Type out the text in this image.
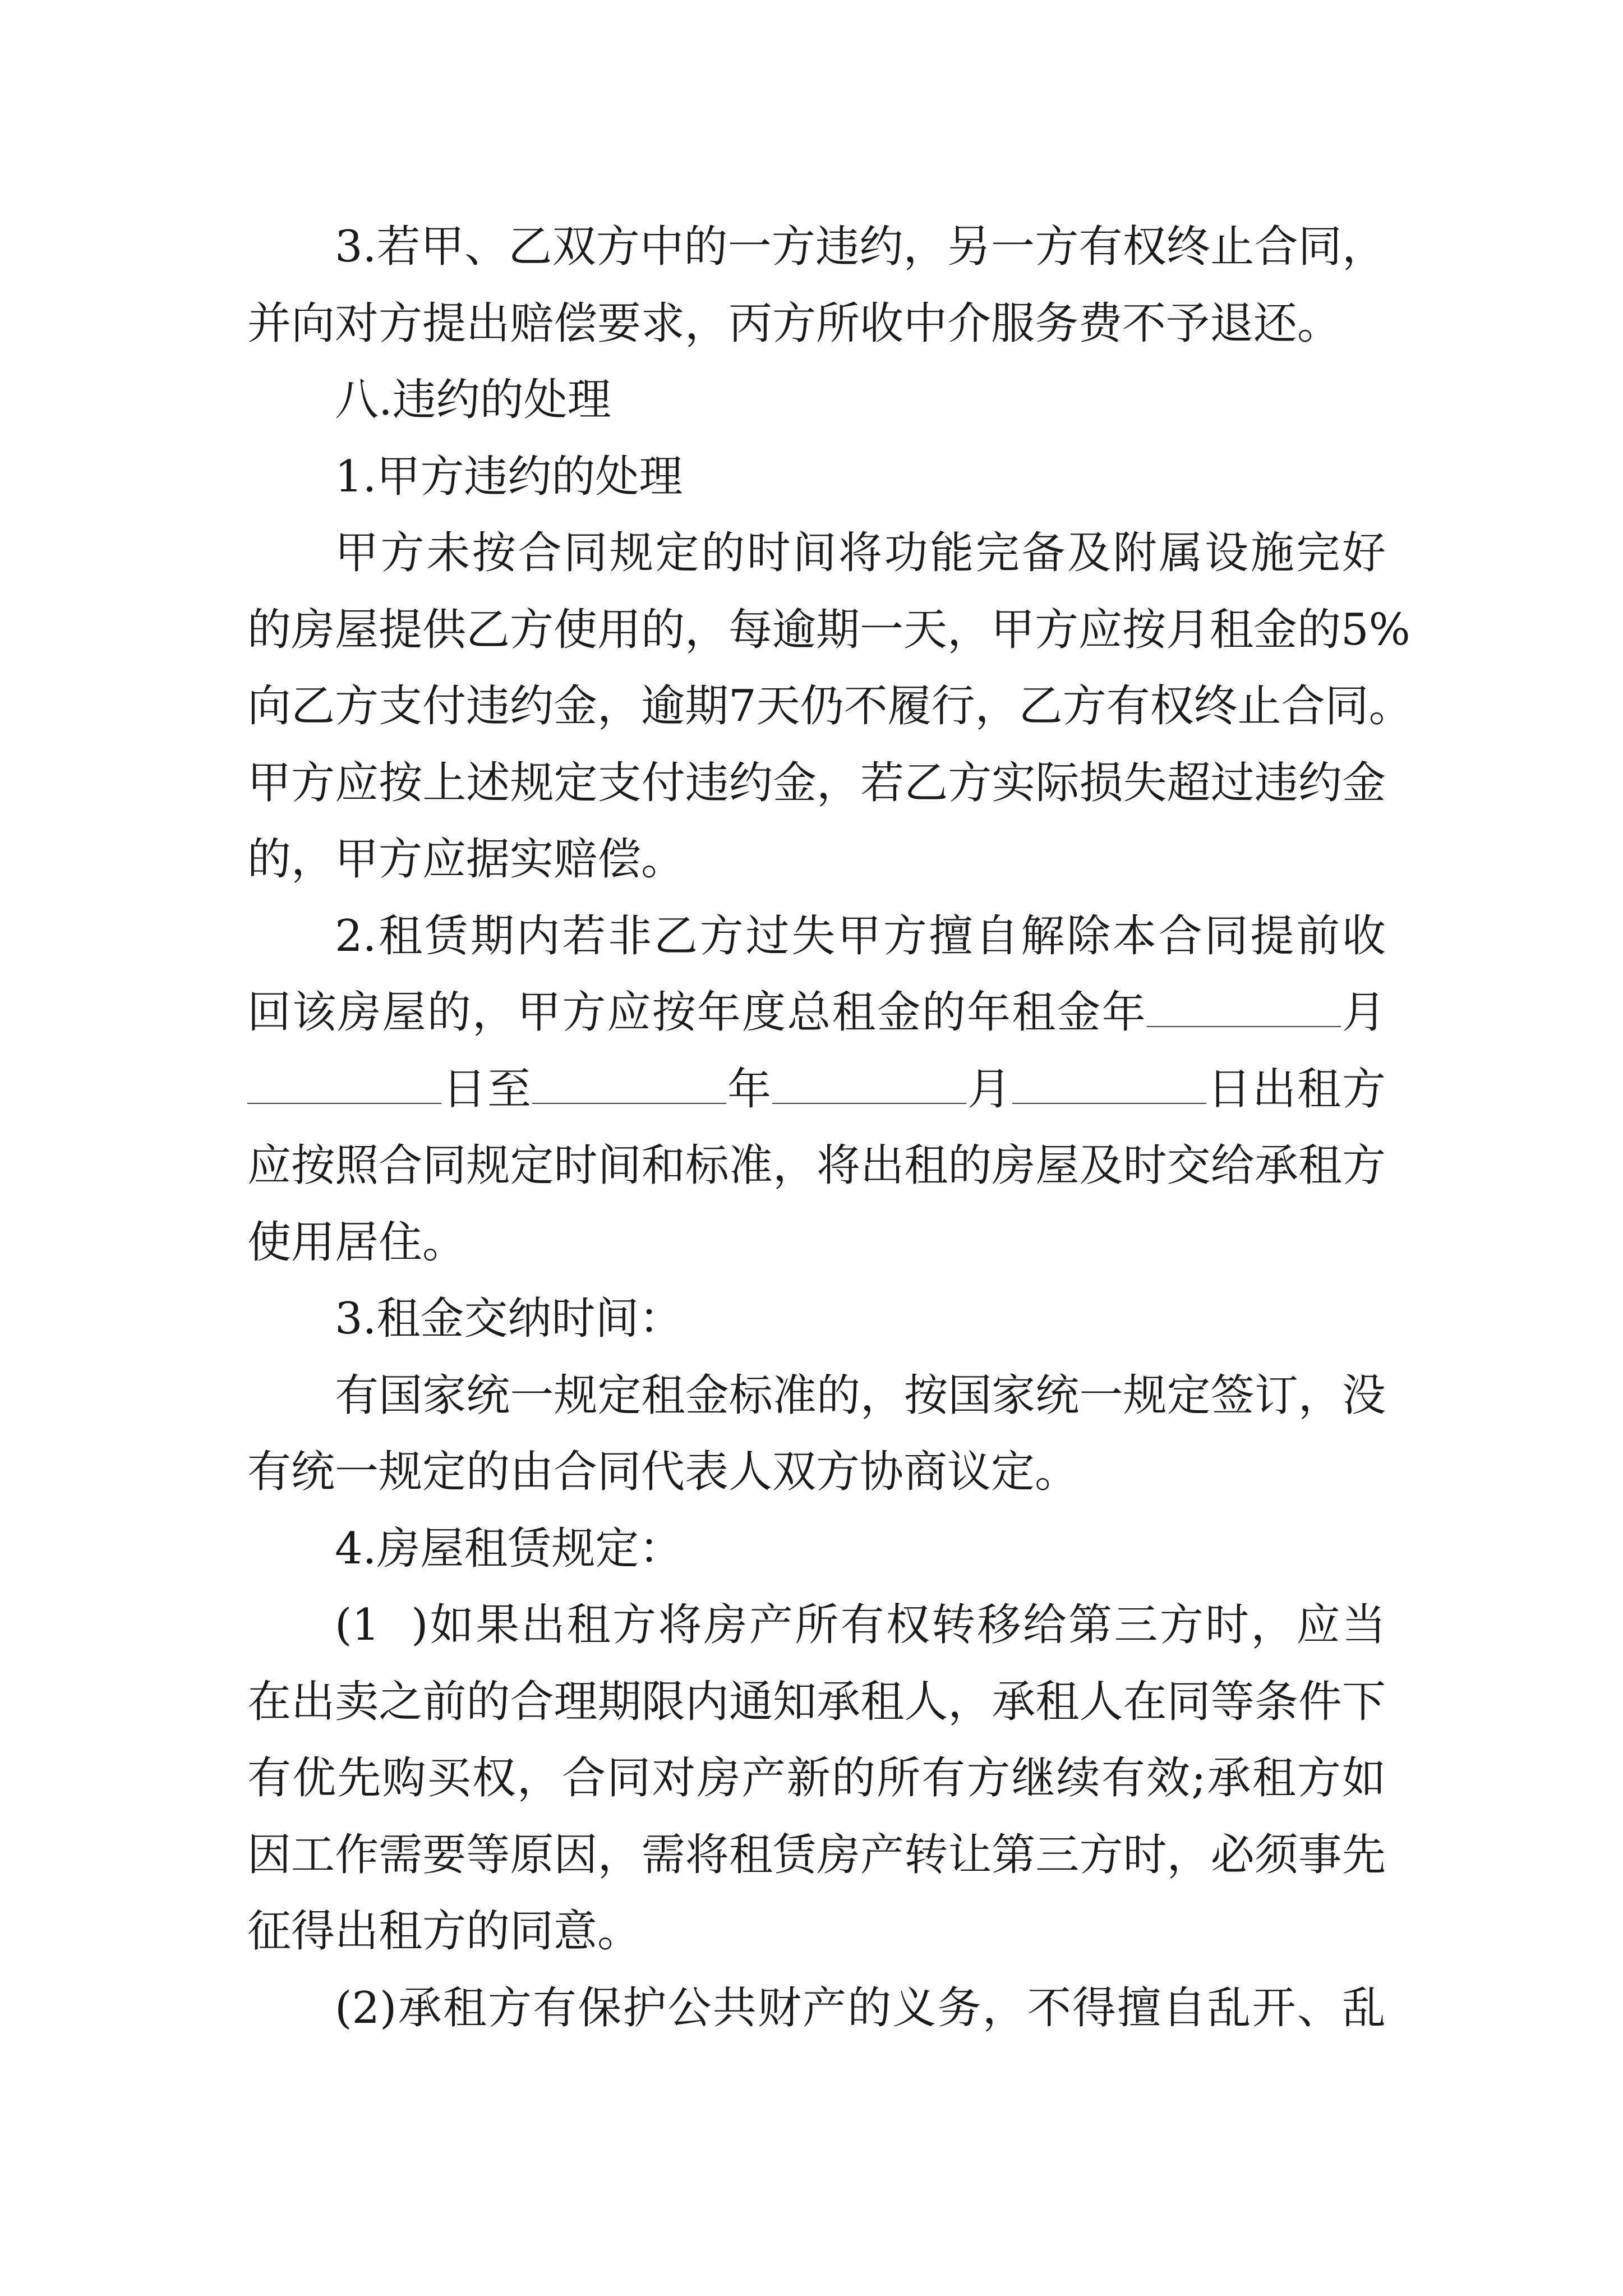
3.若甲、乙双方中的一方违约，另一方有权终止合同，
并向对方提出赔偿要求，丙方所收中介服务费不予退还。
八.违约的处理
1.甲方违约的处理
甲方未按合同规定的时间将功能完备及附属设施完好
的房屋提供乙方使用的，每逾期一天，甲方应按月租金的5%
向乙方支付违约金，逾期7天仍不履行，乙方有权终止合同。
甲方应按上述规定支付违约金，若乙方实际损失超过违约金
的，甲方应据实赔偿。
2.租赁期内若非乙方过失甲方擅自解除本合同提前收
回该房屋的，甲方应按年度总租金的年租金年	月
日至	年	月	日出租方
应按照合同规定时间和标准，将出租的房屋及时交给承租方
使用居住。
3.租金交纳时间：
有国家统一规定租金标准的，按国家统一规定签订，没
有统一规定的由合同代表人双方协商议定。
4.房屋租赁规定：
(1 )如果出租方将房产所有权转移给第三方时，应当
在出卖之前的合理期限内通知承租人，承租人在同等条件下
有优先购买权，合同对房产新的所有方继续有效;承租方如
因工作需要等原因，需将租赁房产转让第三方时，必须事先
征得出租方的同意。
(2)承租方有保护公共财产的义务，不得擅自乱开、乱
